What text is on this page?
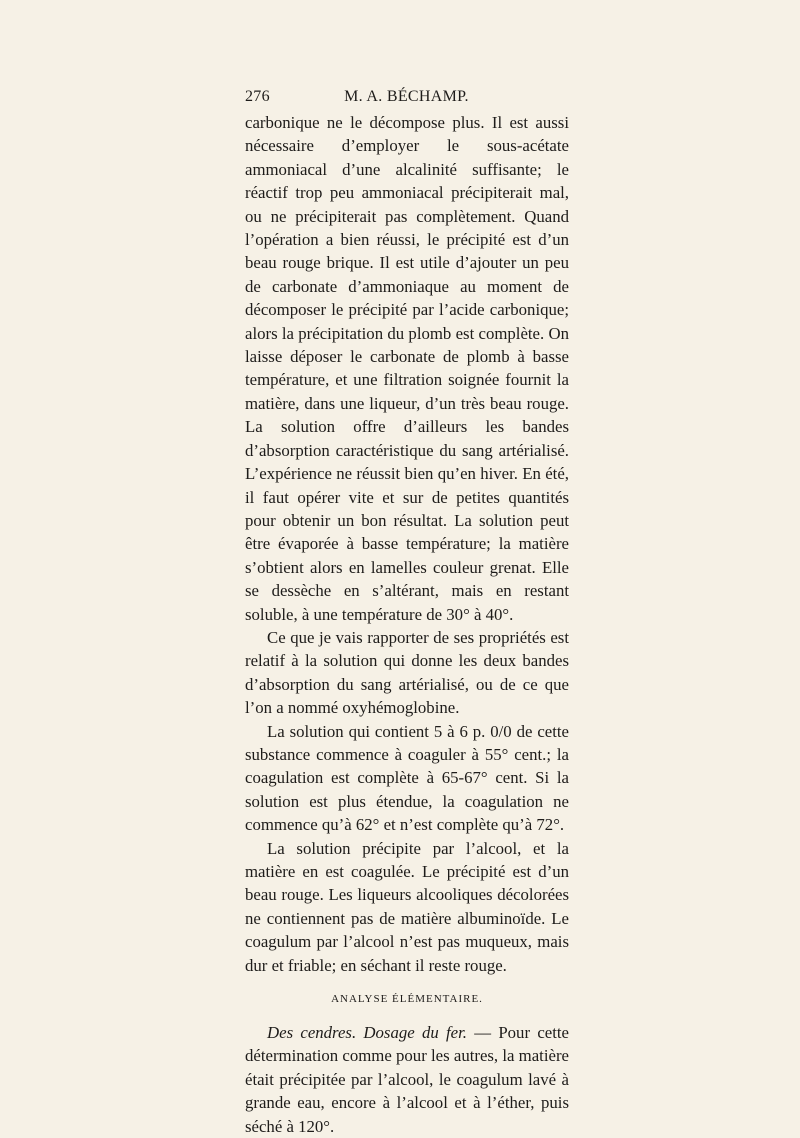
276	M. A. BÉCHAMP.

carbonique ne le décompose plus. Il est aussi nécessaire d’employer le sous-acétate ammoniacal d’une alcalinité suffisante; le réactif trop peu ammoniacal précipiterait mal, ou ne précipiterait pas complètement. Quand l’opération a bien réussi, le précipité est d’un beau rouge brique. Il est utile d’ajouter un peu de carbonate d’ammoniaque au moment de décomposer le précipité par l’acide carbonique; alors la précipitation du plomb est complète. On laisse déposer le carbonate de plomb à basse température, et une filtration soignée fournit la matière, dans une liqueur, d’un très beau rouge. La solution offre d’ailleurs les bandes d’absorption caractéristique du sang artérialisé. L’expérience ne réussit bien qu’en hiver. En été, il faut opérer vite et sur de petites quantités pour obtenir un bon résultat. La solution peut être évaporée à basse température; la matière s’obtient alors en lamelles couleur grenat. Elle se dessèche en s’altérant, mais en restant soluble, à une température de 30° à 40°.

Ce que je vais rapporter de ses propriétés est relatif à la solution qui donne les deux bandes d’absorption du sang artérialisé, ou de ce que l’on a nommé oxyhémoglobine.

La solution qui contient 5 à 6 p. 0/0 de cette substance commence à coaguler à 55° cent.; la coagulation est complète à 65-67° cent. Si la solution est plus étendue, la coagulation ne commence qu’à 62° et n’est complète qu’à 72°.

La solution précipite par l’alcool, et la matière en est coagulée. Le précipité est d’un beau rouge. Les liqueurs alcooliques décolorées ne contiennent pas de matière albuminoïde. Le coagulum par l’alcool n’est pas muqueux, mais dur et friable; en séchant il reste rouge.

ANALYSE ÉLÉMENTAIRE.

Des cendres. Dosage du fer. — Pour cette détermination comme pour les autres, la matière était précipitée par l’alcool, le coagulum lavé à grande eau, encore à l’alcool et à l’éther, puis séché à 120°.
